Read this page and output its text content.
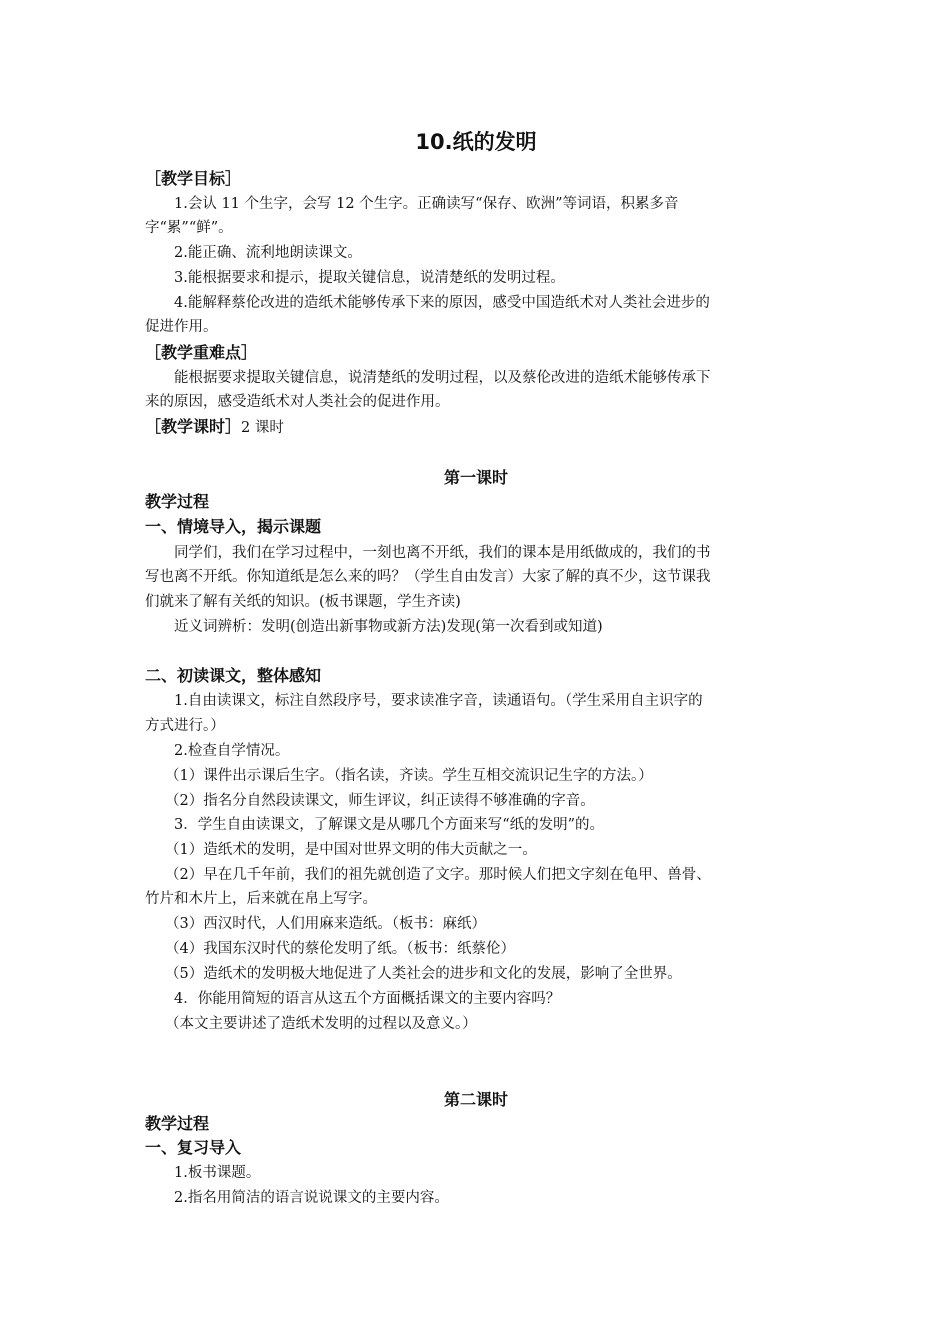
10.纸的发明
［教学目标］
1.会认 11 个生字，会写 12 个生字。正确读写“保存、欧洲”等词语，积累多音
字“累”“鲜”。
2.能正确、流利地朗读课文。
3.能根据要求和提示，提取关键信息，说清楚纸的发明过程。
4.能解释蔡伦改进的造纸术能够传承下来的原因，感受中国造纸术对人类社会进步的
促进作用。
［教学重难点］
能根据要求提取关键信息，说清楚纸的发明过程，以及蔡伦改进的造纸术能够传承下
来的原因，感受造纸术对人类社会的促进作用。
［教学课时］2 课时
第一课时
教学过程
一、情境导入，揭示课题
同学们，我们在学习过程中，一刻也离不开纸，我们的课本是用纸做成的，我们的书
写也离不开纸。你知道纸是怎么来的吗？（学生自由发言）大家了解的真不少，这节课我
们就来了解有关纸的知识。(板书课题，学生齐读)
近义词辨析：发明(创造出新事物或新方法)发现(第一次看到或知道)
二、初读课文，整体感知
1.自由读课文，标注自然段序号，要求读准字音，读通语句。（学生采用自主识字的
方式进行。）
2.检查自学情况。
（1）课件出示课后生字。（指名读，齐读。学生互相交流识记生字的方法。）
（2）指名分自然段读课文，师生评议，纠正读得不够准确的字音。
3．学生自由读课文，了解课文是从哪几个方面来写“纸的发明”的。
（1）造纸术的发明，是中国对世界文明的伟大贡献之一。
（2）早在几千年前，我们的祖先就创造了文字。那时候人们把文字刻在龟甲、兽骨、
竹片和木片上，后来就在帛上写字。
（3）西汉时代，人们用麻来造纸。（板书：麻纸）
（4）我国东汉时代的蔡伦发明了纸。（板书：纸蔡伦）
（5）造纸术的发明极大地促进了人类社会的进步和文化的发展，影响了全世界。
4．你能用简短的语言从这五个方面概括课文的主要内容吗？
（本文主要讲述了造纸术发明的过程以及意义。）
第二课时
教学过程
一、复习导入
1.板书课题。
2.指名用简洁的语言说说课文的主要内容。
